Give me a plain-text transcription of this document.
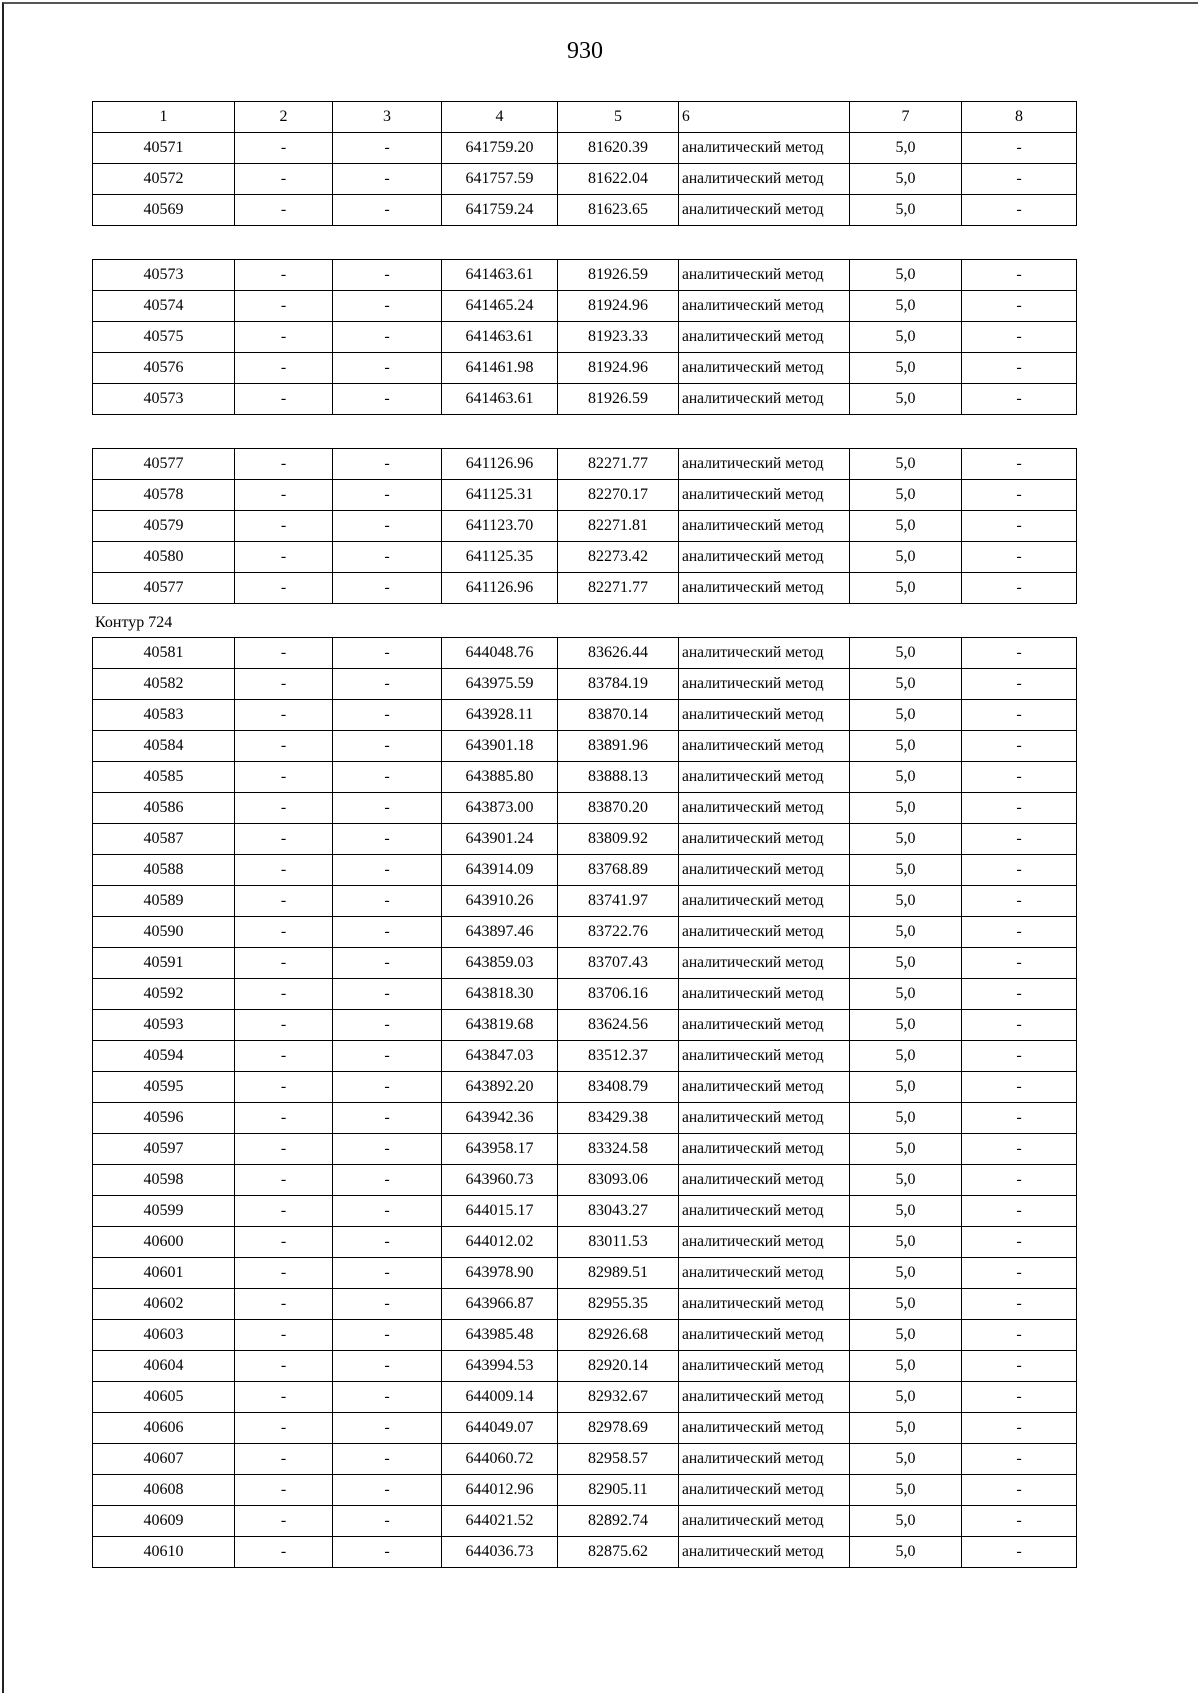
930
1	2	3	4	5	6	7	8
40571	-	-	641759.20	81620.39	аналитический метод	5,0	-
40572	-	-	641757.59	81622.04	аналитический метод	5,0	-
40569	-	-	641759.24	81623.65	аналитический метод	5,0	-
40573	-	-	641463.61	81926.59	аналитический метод	5,0	-
40574	-	-	641465.24	81924.96	аналитический метод	5,0	-
40575	-	-	641463.61	81923.33	аналитический метод	5,0	-
40576	-	-	641461.98	81924.96	аналитический метод	5,0	-
40573	-	-	641463.61	81926.59	аналитический метод	5,0	-
40577	-	-	641126.96	82271.77	аналитический метод	5,0	-
40578	-	-	641125.31	82270.17	аналитический метод	5,0	-
40579	-	-	641123.70	82271.81	аналитический метод	5,0	-
40580	-	-	641125.35	82273.42	аналитический метод	5,0	-
40577	-	-	641126.96	82271.77	аналитический метод	5,0	-
Контур 724
40581	-	-	644048.76	83626.44	аналитический метод	5,0	-
40582	-	-	643975.59	83784.19	аналитический метод	5,0	-
40583	-	-	643928.11	83870.14	аналитический метод	5,0	-
40584	-	-	643901.18	83891.96	аналитический метод	5,0	-
40585	-	-	643885.80	83888.13	аналитический метод	5,0	-
40586	-	-	643873.00	83870.20	аналитический метод	5,0	-
40587	-	-	643901.24	83809.92	аналитический метод	5,0	-
40588	-	-	643914.09	83768.89	аналитический метод	5,0	-
40589	-	-	643910.26	83741.97	аналитический метод	5,0	-
40590	-	-	643897.46	83722.76	аналитический метод	5,0	-
40591	-	-	643859.03	83707.43	аналитический метод	5,0	-
40592	-	-	643818.30	83706.16	аналитический метод	5,0	-
40593	-	-	643819.68	83624.56	аналитический метод	5,0	-
40594	-	-	643847.03	83512.37	аналитический метод	5,0	-
40595	-	-	643892.20	83408.79	аналитический метод	5,0	-
40596	-	-	643942.36	83429.38	аналитический метод	5,0	-
40597	-	-	643958.17	83324.58	аналитический метод	5,0	-
40598	-	-	643960.73	83093.06	аналитический метод	5,0	-
40599	-	-	644015.17	83043.27	аналитический метод	5,0	-
40600	-	-	644012.02	83011.53	аналитический метод	5,0	-
40601	-	-	643978.90	82989.51	аналитический метод	5,0	-
40602	-	-	643966.87	82955.35	аналитический метод	5,0	-
40603	-	-	643985.48	82926.68	аналитический метод	5,0	-
40604	-	-	643994.53	82920.14	аналитический метод	5,0	-
40605	-	-	644009.14	82932.67	аналитический метод	5,0	-
40606	-	-	644049.07	82978.69	аналитический метод	5,0	-
40607	-	-	644060.72	82958.57	аналитический метод	5,0	-
40608	-	-	644012.96	82905.11	аналитический метод	5,0	-
40609	-	-	644021.52	82892.74	аналитический метод	5,0	-
40610	-	-	644036.73	82875.62	аналитический метод	5,0	-
